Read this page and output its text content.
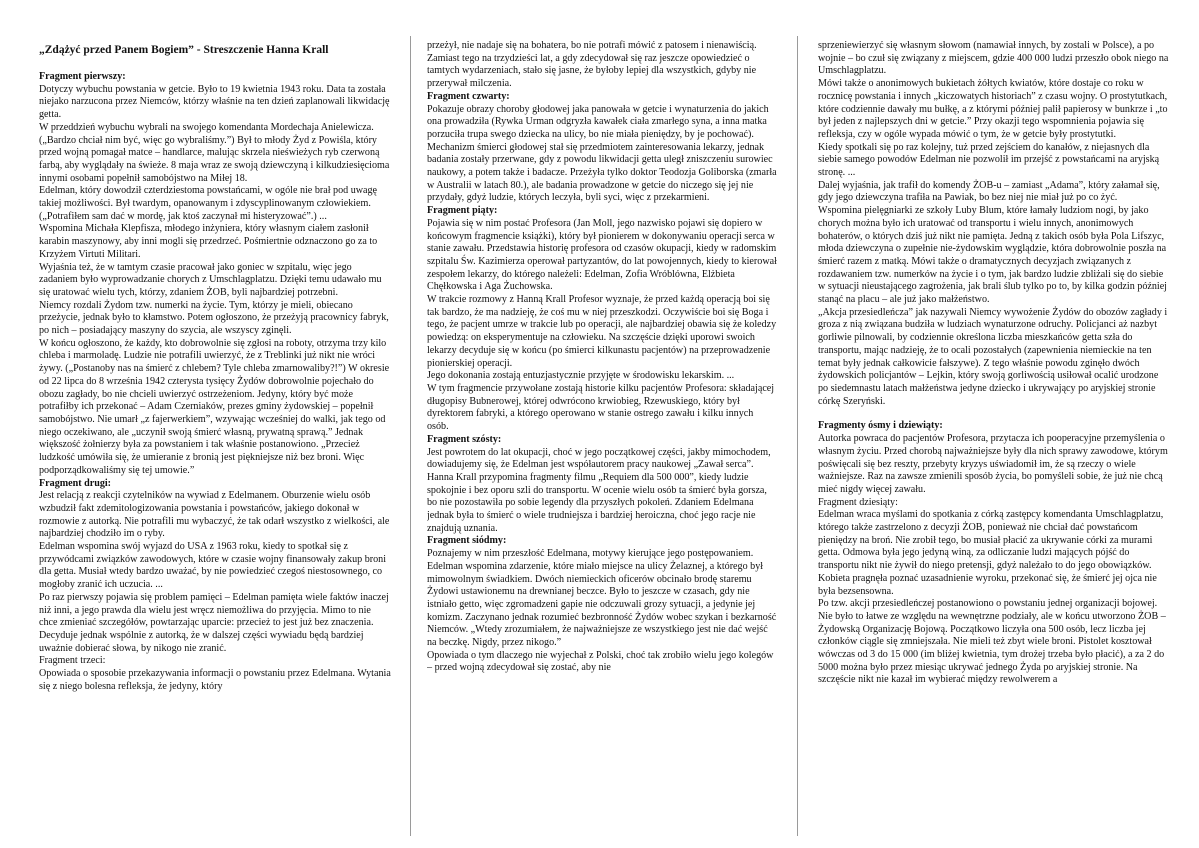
„Zdążyć przed Panem Bogiem” - Streszczenie Hanna Krall

Fragment pierwszy:

Dotyczy wybuchu powstania w getcie. Było to 19 kwietnia 1943 roku. Data ta została niejako narzucona przez Niemców, którzy właśnie na ten dzień zaplanowali likwidację getta.

W przeddzień wybuchu wybrali na swojego komendanta Mordechaja Anielewicza. („Bardzo chciał nim być, więc go wybraliśmy.”) Był to młody Żyd z Powiśla, który przed wojną pomagał matce – handlarce, malując skrzela nieświeżych ryb czerwoną farbą, aby wyglądały na świeże. 8 maja wraz ze swoją dziewczyną i kilkudziesięcioma innymi osobami popełnił samobójstwo na Miłej 18.

Edelman, który dowodził czterdziestoma powstańcami, w ogóle nie brał pod uwagę takiej możliwości. Był twardym, opanowanym i zdyscyplinowanym człowiekiem. („Potrafiłem sam dać w mordę, jak ktoś zaczynał mi histeryzować”.) ...

Wspomina Michała Klepfisza, młodego inżyniera, który własnym ciałem zasłonił karabin maszynowy, aby inni mogli się przedrzeć. Pośmiertnie odznaczono go za to Krzyżem Virtuti Militari.

Wyjaśnia też, że w tamtym czasie pracował jako goniec w szpitalu, więc jego zadaniem było wyprowadzanie chorych z Umschlagplatzu. Dzięki temu udawało mu się uratować wielu tych, którzy, zdaniem ŻOB, byli najbardziej potrzebni.

Niemcy rozdali Żydom tzw. numerki na życie. Tym, którzy je mieli, obiecano przeżycie, jednak było to kłamstwo. Potem ogłoszono, że przeżyją pracownicy fabryk, po nich – posiadający maszyny do szycia, ale wszyscy zginęli.

W końcu ogłoszono, że każdy, kto dobrowolnie się zgłosi na roboty, otrzyma trzy kilo chleba i marmoladę. Ludzie nie potrafili uwierzyć, że z Treblinki już nikt nie wróci żywy. („Postanoby nas na śmierć z chlebem? Tyle chleba zmarnowaliby?!”) W okresie od 22 lipca do 8 września 1942 czterysta tysięcy Żydów dobrowolnie pojechało do obozu zagłady, bo nie chcieli uwierzyć ostrzeżeniom. Jedyny, który być może potrafiłby ich przekonać – Adam Czerniaków, prezes gminy żydowskiej – popełnił samobójstwo. Nie umarł „z fajerwerkiem”, wzywając wcześniej do walki, jak tego od niego oczekiwano, ale „uczynił swoją śmierć własną, prywatną sprawą.” Jednak większość żołnierzy była za powstaniem i tak właśnie postanowiono. „Przecież ludzkość umówiła się, że umieranie z bronią jest piękniejsze niż bez broni. Więc podporządkowaliśmy się tej umowie.”

Fragment drugi:

Jest relacją z reakcji czytelników na wywiad z Edelmanem. Oburzenie wielu osób wzbudził fakt zdemitologizowania powstania i powstańców, jakiego dokonał w rozmowie z autorką. Nie potrafili mu wybaczyć, że tak odarł wszystko z wielkości, ale najbardziej chodziło im o ryby.

Edelman wspomina swój wyjazd do USA z 1963 roku, kiedy to spotkał się z przywódcami związków zawodowych, które w czasie wojny finansowały zakup broni dla getta. Musiał wtedy bardzo uważać, by nie powiedzieć czegoś niestosownego, co mogłoby zranić ich uczucia. ...

Po raz pierwszy pojawia się problem pamięci – Edelman pamięta wiele faktów inaczej niż inni, a jego prawda dla wielu jest wręcz niemożliwa do przyjęcia. Mimo to nie chce zmieniać szczegółów, powtarzając uparcie: przecież to jest już bez znaczenia. Decyduje jednak wspólnie z autorką, że w dalszej części wywiadu będą bardziej uważnie dobierać słowa, by nikogo nie zranić.

Fragment trzeci:

Opowiada o sposobie przekazywania informacji o powstaniu przez Edelmana. Wytania się z niego bolesna refleksja, że jedyny, który

przeżył, nie nadaje się na bohatera, bo nie potrafi mówić z patosem i nienawiścią. Zamiast tego na trzydzieści lat, a gdy zdecydował się raz jeszcze opowiedzieć o tamtych wydarzeniach, stało się jasne, że byłoby lepiej dla wszystkich, gdyby nie przerywał milczenia.

Fragment czwarty:

Pokazuje obrazy choroby głodowej jaka panowała w getcie i wynaturzenia do jakich ona prowadziła (Rywka Urman odgryzła kawałek ciała zmarłego syna, a inna matka porzuciła trupa swego dziecka na ulicy, bo nie miała pieniędzy, by je pochować). Mechanizm śmierci głodowej stał się przedmiotem zainteresowania lekarzy, jednak badania zostały przerwane, gdy z powodu likwidacji getta uległ zniszczeniu surowiec naukowy, a potem także i badacze. Przeżyła tylko doktor Teodozja Goliborska (zmarła w Australii w latach 80.), ale badania prowadzone w getcie do niczego się jej nie przydały, gdyż ludzie, których leczyła, byli syci, więc z przekarmieni.

Fragment piąty:

Pojawia się w nim postać Profesora (Jan Moll, jego nazwisko pojawi się dopiero w końcowym fragmencie książki), który był pionierem w dokonywaniu operacji serca w stanie zawału. Przedstawia historię profesora od czasów okupacji, kiedy w radomskim szpitalu Św. Kazimierza operował partyzantów, do lat powojennych, kiedy to kierował zespołem lekarzy, do którego należeli: Edelman, Zofia Wróblówna, Elżbieta Chęłkowska i Aga Żuchowska.

W trakcie rozmowy z Hanną Krall Profesor wyznaje, że przed każdą operacją boi się tak bardzo, że ma nadzieję, że coś mu w niej przeszkodzi. Oczywiście boi się Boga i tego, że pacjent umrze w trakcie lub po operacji, ale najbardziej obawia się że koledzy powiedzą: on eksperymentuje na człowieku. Na szczęście dzięki uporowi swoich lekarzy decyduje się w końcu (po śmierci kilkunastu pacjentów) na przeprowadzenie pionierskiej operacji.

Jego dokonania zostają entuzjastycznie przyjęte w środowisku lekarskim. ...

W tym fragmencie przywołane zostają historie kilku pacjentów Profesora: składającej długopisy Bubnerowej, której odwrócono krwiobieg, Rzewuskiego, który był dyrektorem fabryki, a którego operowano w stanie ostrego zawału i kilku innych osób.

Fragment szósty:

Jest powrotem do lat okupacji, choć w jego początkowej części, jakby mimochodem, dowiadujemy się, że Edelman jest współautorem pracy naukowej „Zawał serca”.

Hanna Krall przypomina fragmenty filmu „Requiem dla 500 000”, kiedy ludzie spokojnie i bez oporu szli do transportu. W ocenie wielu osób ta śmierć była gorsza, bo nie pozostawiła po sobie legendy dla przyszłych pokoleń. Zdaniem Edelmana jednak była to śmierć o wiele trudniejsza i bardziej heroiczna, choć jego racje nie znajdują uznania.

Fragment siódmy:

Poznajemy w nim przeszłość Edelmana, motywy kierujące jego postępowaniem.

Edelman wspomina zdarzenie, które miało miejsce na ulicy Żelaznej, a którego był mimowolnym świadkiem. Dwóch niemieckich oficerów obcinało brodę staremu Żydowi ustawionemu na drewnianej beczce. Było to jeszcze w czasach, gdy nie istniało getto, więc zgromadzeni gapie nie odczuwali grozy sytuacji, a jedynie jej komizm. Zaczynano jednak rozumieć bezbronność Żydów wobec szykan i bezkarność Niemców. „Wtedy zrozumiałem, że najważniejsze ze wszystkiego jest nie dać wejść na beczkę. Nigdy, przez nikogo.”

Opowiada o tym dlaczego nie wyjechał z Polski, choć tak zrobiło wielu jego kolegów – przed wojną zdecydował się zostać, aby nie

sprzeniewierzyć się własnym słowom (namawiał innych, by zostali w Polsce), a po wojnie – bo czuł się związany z miejscem, gdzie 400 000 ludzi przeszło obok niego na Umschlagplatzu.

Mówi także o anonimowych bukietach żółtych kwiatów, które dostaje co roku w rocznicę powstania i innych „kiczowatych historiach” z czasu wojny. O prostytutkach, które codziennie dawały mu bułkę, a z którymi później palił papierosy w bunkrze i „to był jeden z najlepszych dni w getcie.” Przy okazji tego wspomnienia pojawia się refleksja, czy w ogóle wypada mówić o tym, że w getcie były prostytutki.

Kiedy spotkali się po raz kolejny, tuż przed zejściem do kanałów, z niejasnych dla siebie samego powodów Edelman nie pozwolił im przejść z powstańcami na aryjską stronę. ...

Dalej wyjaśnia, jak trafił do komendy ŻOB-u – zamiast „Adama”, który załamał się, gdy jego dziewczyna trafiła na Pawiak, bo bez niej nie miał już po co żyć.

Wspomina pielęgniarki ze szkoły Luby Blum, które łamały ludziom nogi, by jako chorych można było ich uratować od transportu i wielu innych, anonimowych bohaterów, o których dziś już nikt nie pamięta. Jedną z takich osób była Pola Lifszyc, młoda dziewczyna o zupełnie nie-żydowskim wyglądzie, która dobrowolnie poszła na śmierć razem z matką. Mówi także o dramatycznych decyzjach związanych z rozdawaniem tzw. numerków na życie i o tym, jak bardzo ludzie zbliżali się do siebie w sytuacji nieustającego zagrożenia, jak brali ślub tylko po to, by kilka godzin później stanąć na placu – ale już jako małżeństwo.

„Akcja przesiedleńcza” jak nazywali Niemcy wywożenie Żydów do obozów zagłady i groza z nią związana budziła w ludziach wynaturzone odruchy. Policjanci aż nazbyt gorliwie pilnowali, by codziennie określona liczba mieszkańców getta szła do transportu, mając nadzieję, że to ocali pozostałych (zapewnienia niemieckie na ten temat były jednak całkowicie fałszywe). Z tego właśnie powodu zginęło dwóch żydowskich policjantów – Lejkin, który swoją gorliwością usiłował ocalić urodzone po siedemnastu latach małżeństwa jedyne dziecko i ukrywający po aryjskiej stronie córkę Szeryński.

Fragmenty ósmy i dziewiąty:

Autorka powraca do pacjentów Profesora, przytacza ich pooperacyjne przemyślenia o własnym życiu. Przed chorobą najważniejsze były dla nich sprawy zawodowe, którym poświęcali się bez reszty, przebyty kryzys uświadomił im, że są rzeczy o wiele ważniejsze. Raz na zawsze zmienili sposób życia, bo pomyśleli sobie, że już nie chcą mieć nigdy więcej zawału.

Fragment dziesiąty:

Edelman wraca myślami do spotkania z córką zastępcy komendanta Umschlagplatzu, którego także zastrzelono z decyzji ŻOB, ponieważ nie chciał dać powstańcom pieniędzy na broń. Nie zrobił tego, bo musiał płacić za ukrywanie córki za murami getta. Odmowa była jego jedyną winą, za odliczanie ludzi mających pójść do transportu nikt nie żywił do niego pretensji, gdyż należało to do jego obowiązków. Kobieta pragnęła poznać uzasadnienie wyroku, przekonać się, że śmierć jej ojca nie była bezsensowna.

Po tzw. akcji przesiedleńczej postanowiono o powstaniu jednej organizacji bojowej. Nie było to łatwe ze względu na wewnętrzne podziały, ale w końcu utworzono ŻOB – Żydowską Organizację Bojową. Początkowo liczyła ona 500 osób, lecz liczba jej członków ciągle się zmniejszała. Nie mieli też zbyt wiele broni. Pistolet kosztował wówczas od 3 do 15 000 (im bliżej kwietnia, tym drożej trzeba było płacić), a za 2 do 5000 można było przez miesiąc ukrywać jednego Żyda po aryjskiej stronie. Na szczęście nikt nie kazał im wybierać między rewolwerem a
